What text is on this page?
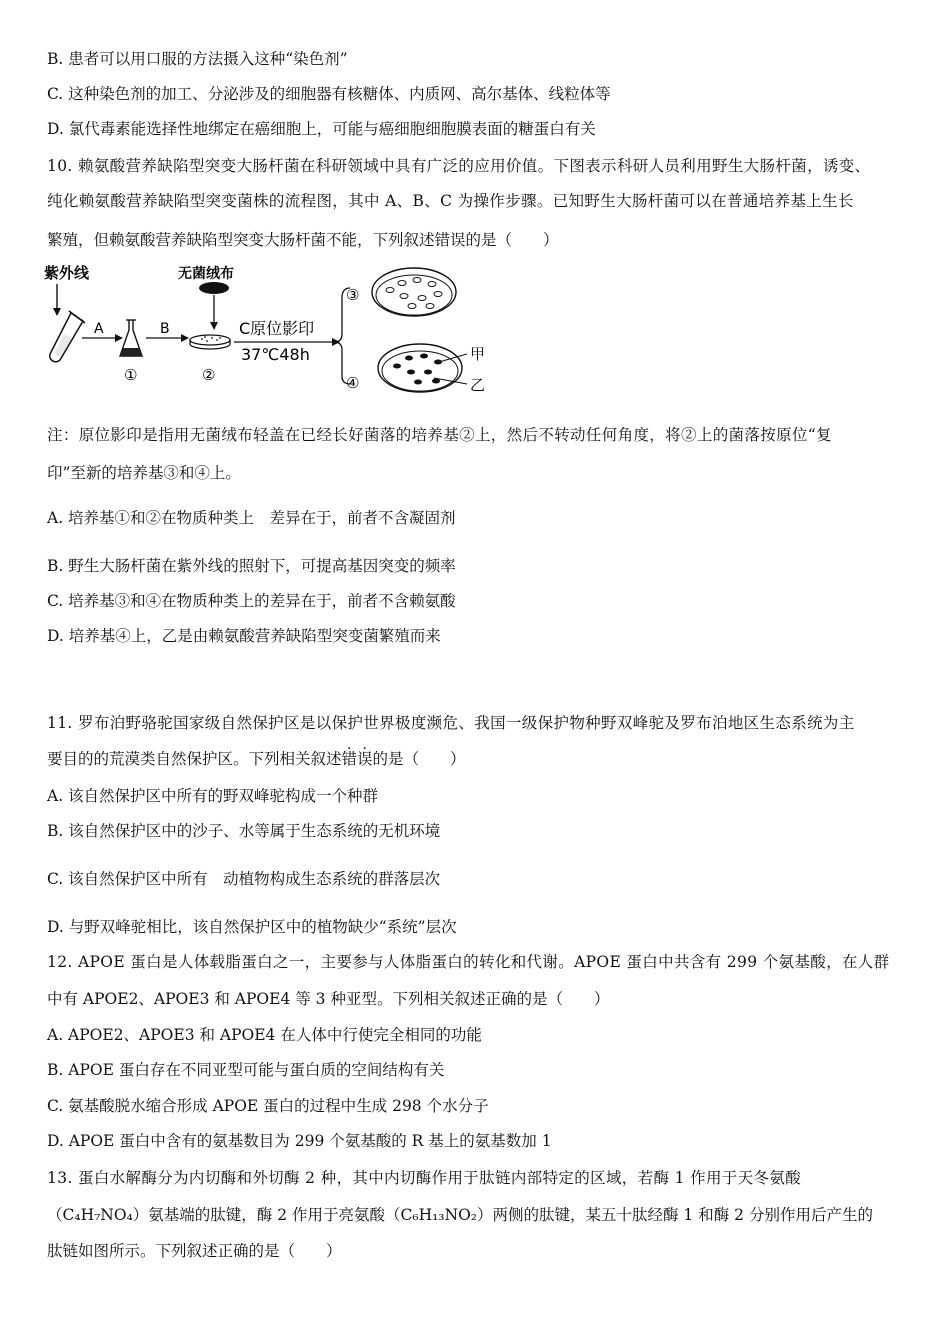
B. 患者可以用口服的方法摄入这种“染色剂”
C. 这种染色剂的加工、分泌涉及的细胞器有核糖体、内质网、高尔基体、线粒体等
D. 氯代毒素能选择性地绑定在癌细胞上，可能与癌细胞细胞膜表面的糖蛋白有关
10. 赖氨酸营养缺陷型突变大肠杆菌在科研领域中具有广泛的应用价值。下图表示科研人员利用野生大肠杆菌，诱变、
纯化赖氨酸营养缺陷型突变菌株的流程图，其中 A、B、C 为操作步骤。已知野生大肠杆菌可以在普通培养基上生长
繁殖，但赖氨酸营养缺陷型突变大肠杆菌不能，下列叙述错误的是（　　）
紫外线
A
①
B
无菌绒布
②
C原位影印
37℃48h
③
④
甲
乙
注：原位影印是指用无菌绒布轻盖在已经长好菌落的培养基②上，然后不转动任何角度，将②上的菌落按原位“复
印”至新的培养基③和④上。
A. 培养基①和②在物质种类上　差异在于，前者不含凝固剂
B. 野生大肠杆菌在紫外线的照射下，可提高基因突变的频率
C. 培养基③和④在物质种类上的差异在于，前者不含赖氨酸
D. 培养基④上，乙是由赖氨酸营养缺陷型突变菌繁殖而来
11. 罗布泊野骆驼国家级自然保护区是以保护世界极度濒危、我国一级保护物种野双峰驼及罗布泊地区生态系统为主
要目的的荒漠类自然保护区。下列相关叙述错误的是（　　）
A. 该自然保护区中所有的野双峰驼构成一个种群
B. 该自然保护区中的沙子、水等属于生态系统的无机环境
C. 该自然保护区中所有　动植物构成生态系统的群落层次
D. 与野双峰驼相比，该自然保护区中的植物缺少“系统”层次
12. APOE 蛋白是人体载脂蛋白之一，主要参与人体脂蛋白的转化和代谢。APOE 蛋白中共含有 299 个氨基酸，在人群
中有 APOE2、APOE3 和 APOE4 等 3 种亚型。下列相关叙述正确的是（　　）
A. APOE2、APOE3 和 APOE4 在人体中行使完全相同的功能
B. APOE 蛋白存在不同亚型可能与蛋白质的空间结构有关
C. 氨基酸脱水缩合形成 APOE 蛋白的过程中生成 298 个水分子
D. APOE 蛋白中含有的氨基数目为 299 个氨基酸的 R 基上的氨基数加 1
13. 蛋白水解酶分为内切酶和外切酶 2 种，其中内切酶作用于肽链内部特定的区域，若酶 1 作用于天冬氨酸
（C₄H₇NO₄）氨基端的肽键，酶 2 作用于亮氨酸（C₆H₁₃NO₂）两侧的肽键，某五十肽经酶 1 和酶 2 分别作用后产生的
肽链如图所示。下列叙述正确的是（　　）
